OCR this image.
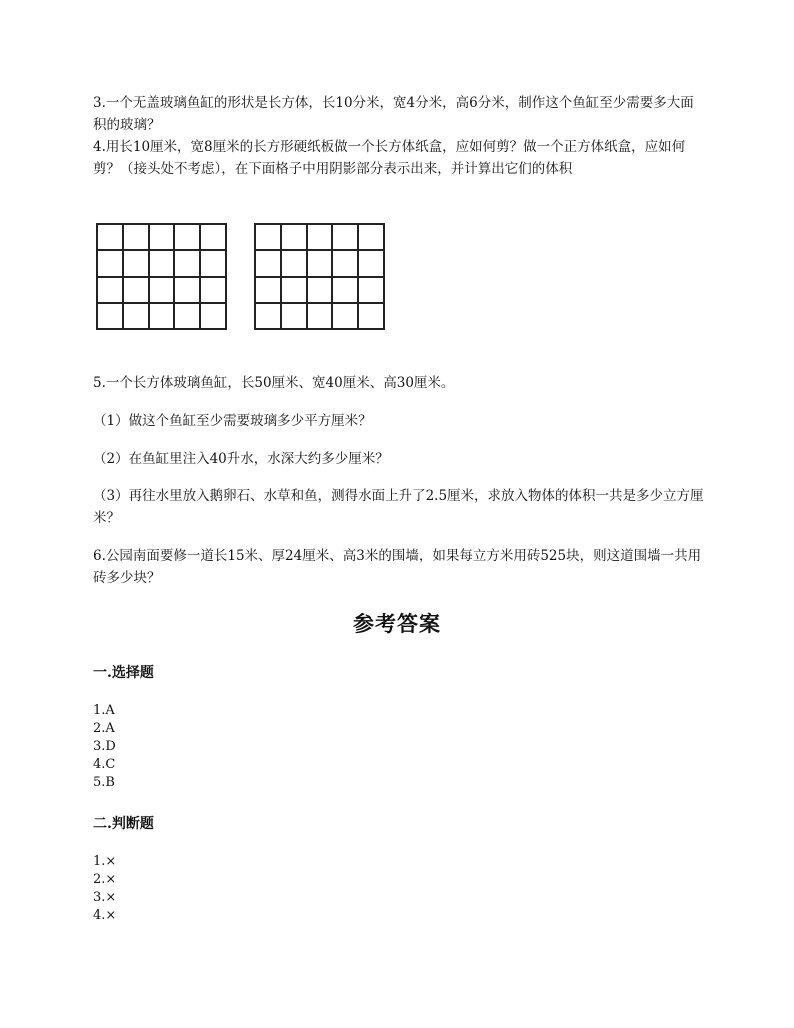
3.一个无盖玻璃鱼缸的形状是长方体，长10分米，宽4分米，高6分米，制作这个鱼缸至少需要多大面积的玻璃？

4.用长10厘米，宽8厘米的长方形硬纸板做一个长方体纸盒，应如何剪？做一个正方体纸盒，应如何剪？（接头处不考虑），在下面格子中用阴影部分表示出来，并计算出它们的体积

5.一个长方体玻璃鱼缸，长50厘米、宽40厘米、高30厘米。

（1）做这个鱼缸至少需要玻璃多少平方厘米？

（2）在鱼缸里注入40升水，水深大约多少厘米？

（3）再往水里放入鹅卵石、水草和鱼，测得水面上升了2.5厘米，求放入物体的体积一共是多少立方厘米？

6.公园南面要修一道长15米、厚24厘米、高3米的围墙，如果每立方米用砖525块，则这道围墙一共用砖多少块？

参考答案

一.选择题

1.A
2.A
3.D
4.C
5.B

二.判断题

1.×
2.×
3.×
4.×
